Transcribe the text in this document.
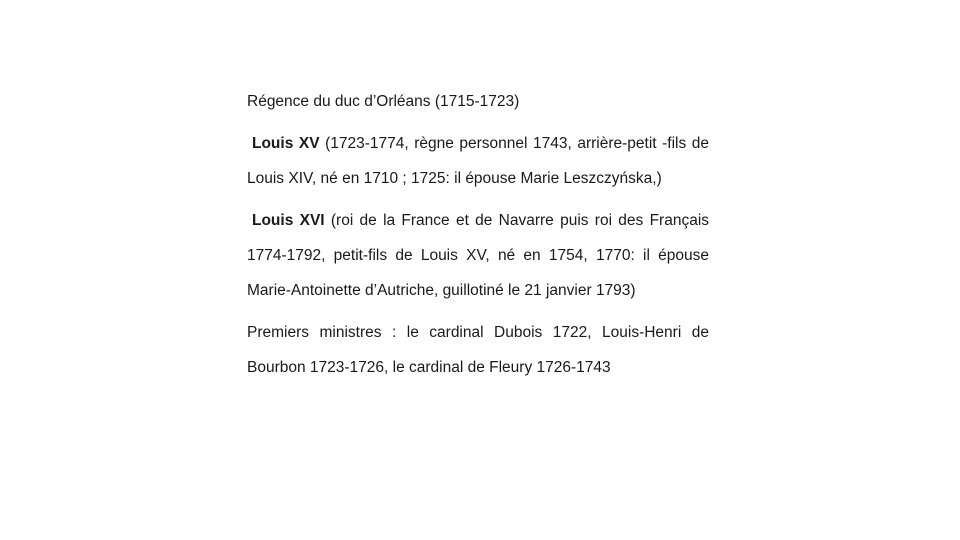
Régence du duc d’Orléans (1715-1723)

Louis XV (1723-1774, règne personnel 1743, arrière-petit -fils de Louis XIV, né en 1710 ; 1725: il épouse Marie Leszczyńska,)

Louis XVI (roi de la France et de Navarre puis roi des Français 1774-1792, petit-fils de Louis XV, né en 1754, 1770: il épouse Marie-Antoinette d’Autriche, guillotiné le 21 janvier 1793)

Premiers ministres : le cardinal Dubois 1722, Louis-Henri de Bourbon 1723-1726, le cardinal de Fleury 1726-1743
